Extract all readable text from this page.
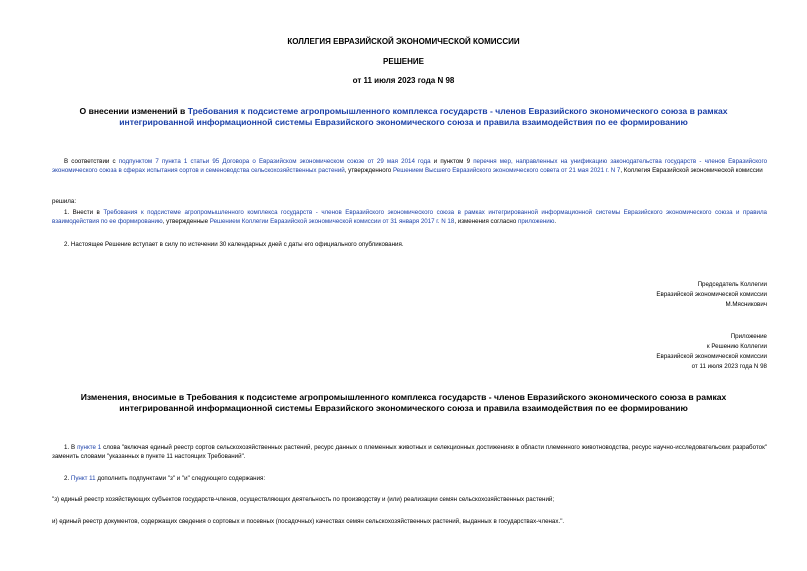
КОЛЛЕГИЯ ЕВРАЗИЙСКОЙ ЭКОНОМИЧЕСКОЙ КОМИССИИ
РЕШЕНИЕ
от 11 июля 2023 года N 98
О внесении изменений в Требования к подсистеме агропромышленного комплекса государств - членов Евразийского экономического союза в рамках интегрированной информационной системы Евразийского экономического союза и правила взаимодействия по ее формированию
В соответствии с подпунктом 7 пункта 1 статьи 95 Договора о Евразийском экономическом союзе от 29 мая 2014 года и пунктом 9 перечня мер, направленных на унификацию законодательства государств - членов Евразийского экономического союза в сферах испытания сортов и семеноводства сельскохозяйственных растений, утвержденного Решением Высшего Евразийского экономического совета от 21 мая 2021 г. N 7, Коллегия Евразийской экономической комиссии
решила:
1. Внести в Требования к подсистеме агропромышленного комплекса государств - членов Евразийского экономического союза в рамках интегрированной информационной системы Евразийского экономического союза и правила взаимодействия по ее формированию, утвержденные Решением Коллегии Евразийской экономической комиссии от 31 января 2017 г. N 18, изменения согласно приложению.
2. Настоящее Решение вступает в силу по истечении 30 календарных дней с даты его официального опубликования.
Председатель Коллегии
Евразийской экономической комиссии
М.Мясникович
Приложение
к Решению Коллегии
Евразийской экономической комиссии
от 11 июля 2023 года N 98
Изменения, вносимые в Требования к подсистеме агропромышленного комплекса государств - членов Евразийского экономического союза в рамках интегрированной информационной системы Евразийского экономического союза и правила взаимодействия по ее формированию
1. В пункте 1 слова "включая единый реестр сортов сельскохозяйственных растений, ресурс данных о племенных животных и селекционных достижениях в области племенного животноводства, ресурс научно-исследовательских разработок" заменить словами "указанных в пункте 11 настоящих Требований".
2. Пункт 11 дополнить подпунктами "з" и "и" следующего содержания:
"з) единый реестр хозяйствующих субъектов государств-членов, осуществляющих деятельность по производству и (или) реализации семян сельскохозяйственных растений;
и) единый реестр документов, содержащих сведения о сортовых и посевных (посадочных) качествах семян сельскохозяйственных растений, выданных в государствах-членах.".
